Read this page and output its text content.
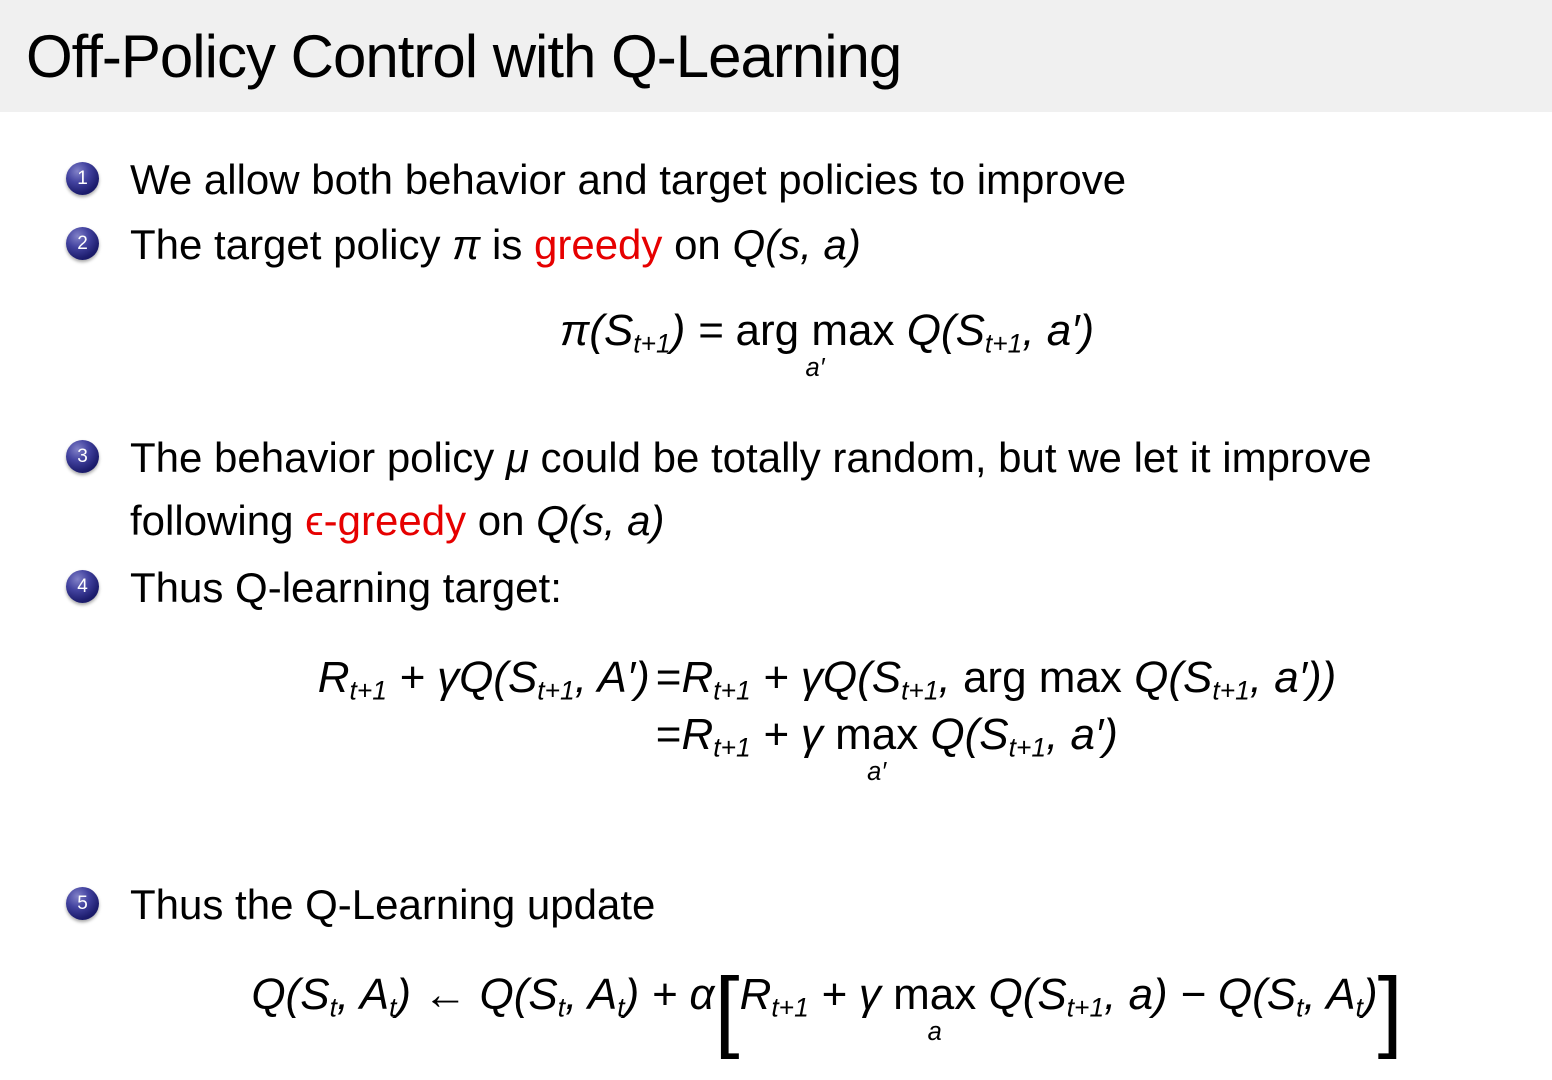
Off-Policy Control with Q-Learning
1 We allow both behavior and target policies to improve

2 The target policy π is greedy on Q(s, a)

$\pi(S_{t+1})$ = arg max
a′
$Q(S_{t+1}$, a′)
3 The behavior policy μ could be totally random, but we let it improve
following ϵ-greedy on Q(s, a)

4 Thus Q-learning target:

$R_{t+1} + \gamma Q(S_{t+1}$, A′)	$=R_{t+1} + \gamma Q(S_{t+1}$, arg $\max Q(S_{t+1}$, a′))
	$=R_{t+1} + \gamma$ max
a′
$Q(S_{t+1}$, a′)
5 Thus the Q-Learning update

$Q(S_t$, $A_t$) ← $Q(S_t$, $A_t) + \alpha[R_{t+1} + \gamma$ max
a
$Q(S_{t+1}$, $a) - Q(S_t$, $A_t$)]
